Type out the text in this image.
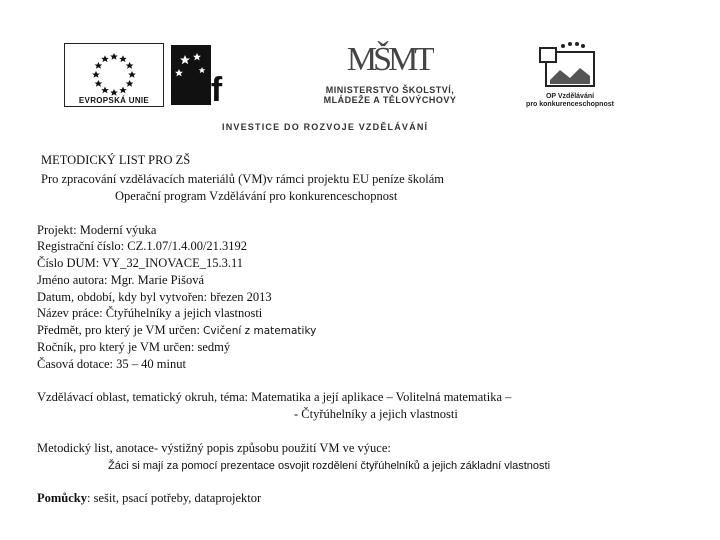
EVROPSKÁ UNIE esf
MŠMT
MINISTERSTVO ŠKOLSTVÍ,
MLÁDEŽE A TĚLOVÝCHOVY	OP Vzdělávání
pro konkurenceschopnost
INVESTICE DO ROZVOJE VZDĚLÁVÁNÍ
METODICKÝ LIST PRO ZŠ
Pro zpracování vzdělávacích materiálů (VM)v rámci projektu EU peníze školám
Operační program Vzdělávání pro konkurenceschopnost
Projekt: Moderní výuka
Registrační číslo: CZ.1.07/1.4.00/21.3192
Číslo DUM: VY_32_INOVACE_15.3.11
Jméno autora: Mgr. Marie Pišová
Datum, období, kdy byl vytvořen: březen 2013
Název práce: Čtyřúhelníky a jejich vlastnosti
Předmět, pro který je VM určen: Cvičení z matematiky
Ročník, pro který je VM určen: sedmý
Časová dotace: 35 – 40 minut
Vzdělávací oblast, tematický okruh, téma: Matematika a její aplikace – Volitelná matematika –
- Čtyřúhelníky a jejich vlastnosti
Metodický list, anotace- výstižný popis způsobu použití VM ve výuce:
Žáci si mají za pomocí prezentace osvojit rozdělení čtyřúhelníků a jejich základní vlastnosti
Pomůcky: sešit, psací potřeby, dataprojektor
